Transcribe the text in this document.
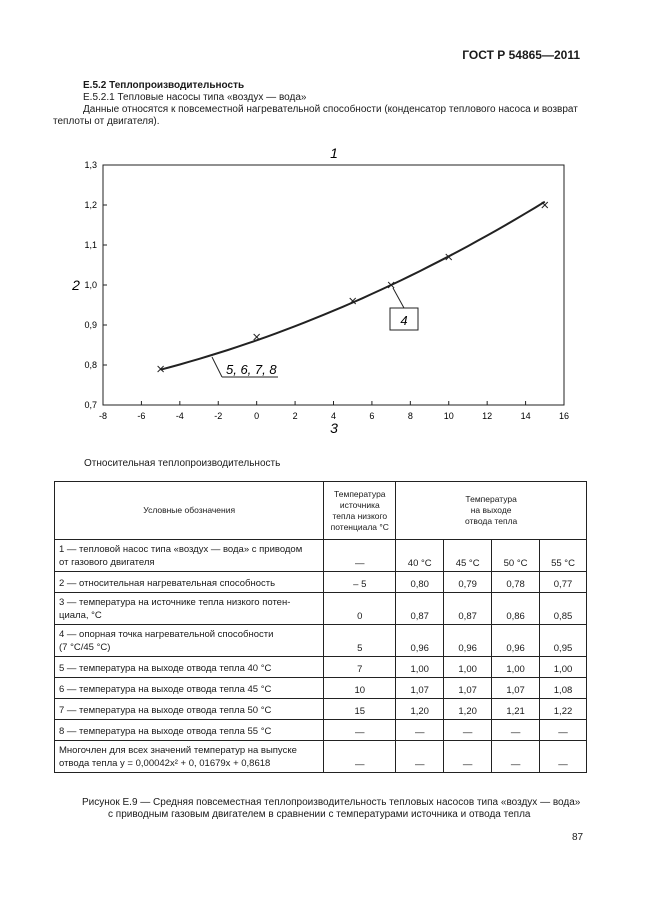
ГОСТ Р 54865—2011
Е.5.2 Теплопроизводительность
Е.5.2.1 Тепловые насосы типа «воздух — вода»
Данные относятся к повсеместной нагревательной способности (конденсатор теплового насоса и возврат
теплоты от двигателя).
-8	-6	-4	-2	0	2	4	6	8	10	12	14	16
0,7
0,8
0,9
1,0
1,1
1,2
1,3
1
2
3
4
5, 6, 7, 8
Относительная теплопроизводительность
Условные обозначения	Температура
источника
тепла низкого
потенциала °С	Температура
на выходе
отвода тепла			
1 — тепловой насос типа «воздух — вода» с приводом
от газового двигателя	—	40 °С	45 °С	50 °С	55 °С
2 — относительная нагревательная способность	– 5	0,80	0,79	0,78	0,77
3 — температура на источнике тепла низкого потен-
циала, °С	0	0,87	0,87	0,86	0,85
4 — опорная точка нагревательной способности
(7 °С/45 °С)	5	0,96	0,96	0,96	0,95
5 — температура на выходе отвода тепла 40 °С	7	1,00	1,00	1,00	1,00
6 — температура на выходе отвода тепла 45 °С	10	1,07	1,07	1,07	1,08
7 — температура на выходе отвода тепла 50 °С	15	1,20	1,20	1,21	1,22
8 — температура на выходе отвода тепла 55 °С	—	—	—	—	—
Многочлен для всех значений температур на выпуске
отвода тепла y = 0,00042x² + 0, 01679x + 0,8618	—	—	—	—	—
Рисунок Е.9 — Средняя повсеместная теплопроизводительность тепловых насосов типа «воздух — вода»
с приводным газовым двигателем в сравнении с температурами источника и отвода тепла
87
